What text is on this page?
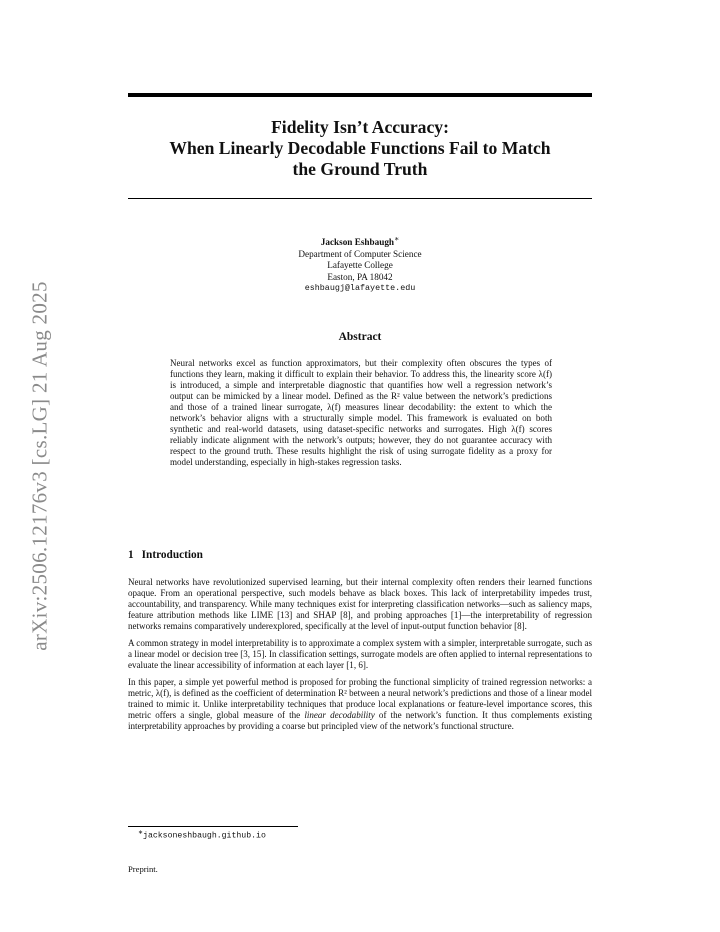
arXiv:2506.12176v3 [cs.LG] 21 Aug 2025
Fidelity Isn’t Accuracy:
When Linearly Decodable Functions Fail to Match
the Ground Truth
Jackson Eshbaugh∗
Department of Computer Science
Lafayette College
Easton, PA 18042
eshbaugj@lafayette.edu
Abstract
Neural networks excel as function approximators, but their complexity often obscures the types of functions they learn, making it difficult to explain their behavior. To address this, the linearity score λ(f) is introduced, a simple and interpretable diagnostic that quantifies how well a regression network’s output can be mimicked by a linear model. Defined as the R² value between the network’s predictions and those of a trained linear surrogate, λ(f) measures linear decodability: the extent to which the network’s behavior aligns with a structurally simple model. This framework is evaluated on both synthetic and real-world datasets, using dataset-specific networks and surrogates. High λ(f) scores reliably indicate alignment with the network’s outputs; however, they do not guarantee accuracy with respect to the ground truth. These results highlight the risk of using surrogate fidelity as a proxy for model understanding, especially in high-stakes regression tasks.
1 Introduction

Neural networks have revolutionized supervised learning, but their internal complexity often renders their learned functions opaque. From an operational perspective, such models behave as black boxes. This lack of interpretability impedes trust, accountability, and transparency. While many techniques exist for interpreting classification networks—such as saliency maps, feature attribution methods like LIME [13] and SHAP [8], and probing approaches [1]—the interpretability of regression networks remains comparatively underexplored, specifically at the level of input-output function behavior [8].

A common strategy in model interpretability is to approximate a complex system with a simpler, interpretable surrogate, such as a linear model or decision tree [3, 15]. In classification settings, surrogate models are often applied to internal representations to evaluate the linear accessibility of information at each layer [1, 6].

In this paper, a simple yet powerful method is proposed for probing the functional simplicity of trained regression networks: a metric, λ(f), is defined as the coefficient of determination R² between a neural network’s predictions and those of a linear model trained to mimic it. Unlike interpretability techniques that produce local explanations or feature-level importance scores, this metric offers a single, global measure of the linear decodability of the network’s function. It thus complements existing interpretability approaches by providing a coarse but principled view of the network’s functional structure.

∗jacksoneshbaugh.github.io
Preprint.
